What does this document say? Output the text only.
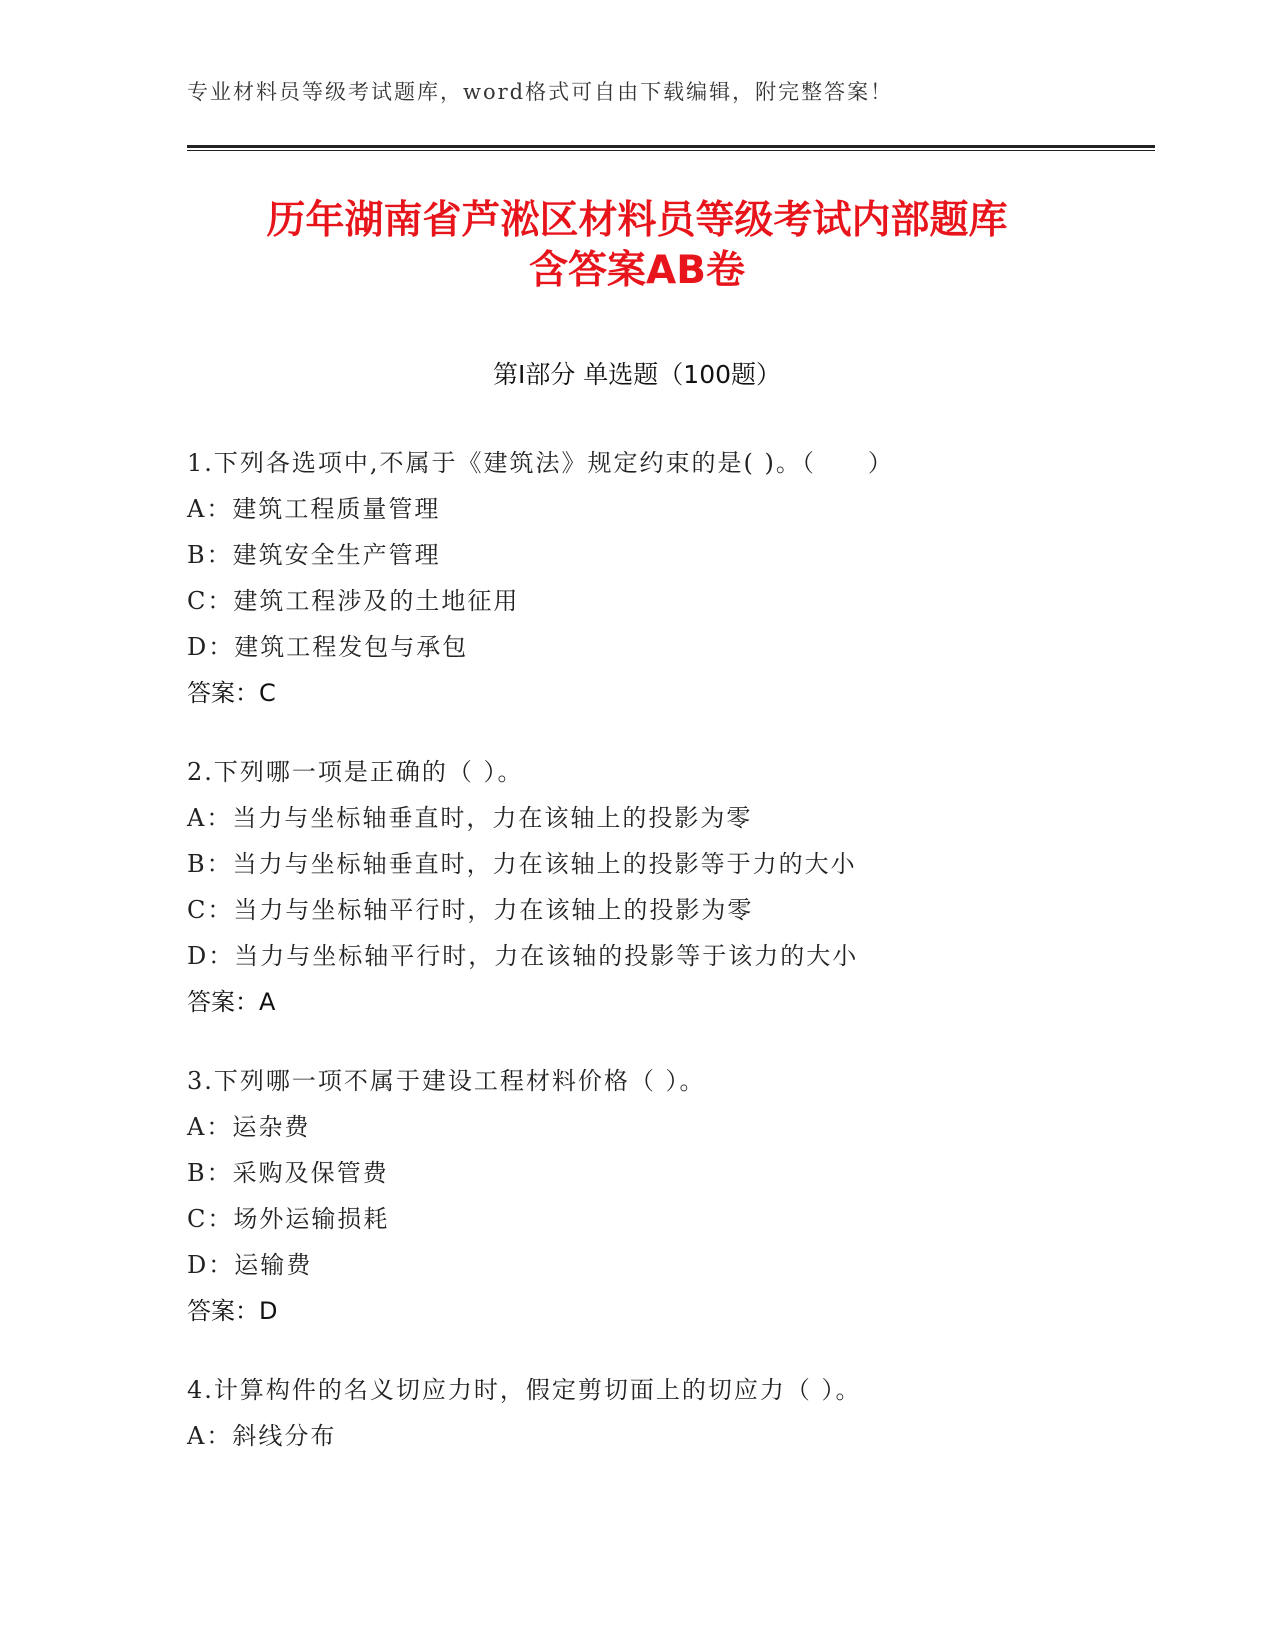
专业材料员等级考试题库，word格式可自由下载编辑，附完整答案！
历年湖南省芦淞区材料员等级考试内部题库
含答案AB卷
第Ⅰ部分 单选题（100题）
1.下列各选项中,不属于《建筑法》规定约束的是( )。（　　）
A：建筑工程质量管理
B：建筑安全生产管理
C：建筑工程涉及的土地征用
D：建筑工程发包与承包
答案：C
2.下列哪一项是正确的（ ）。
A：当力与坐标轴垂直时，力在该轴上的投影为零
B：当力与坐标轴垂直时，力在该轴上的投影等于力的大小
C：当力与坐标轴平行时，力在该轴上的投影为零
D：当力与坐标轴平行时，力在该轴的投影等于该力的大小
答案：A
3.下列哪一项不属于建设工程材料价格（ ）。
A：运杂费
B：采购及保管费
C：场外运输损耗
D：运输费
答案：D
4.计算构件的名义切应力时，假定剪切面上的切应力（ ）。
A：斜线分布
